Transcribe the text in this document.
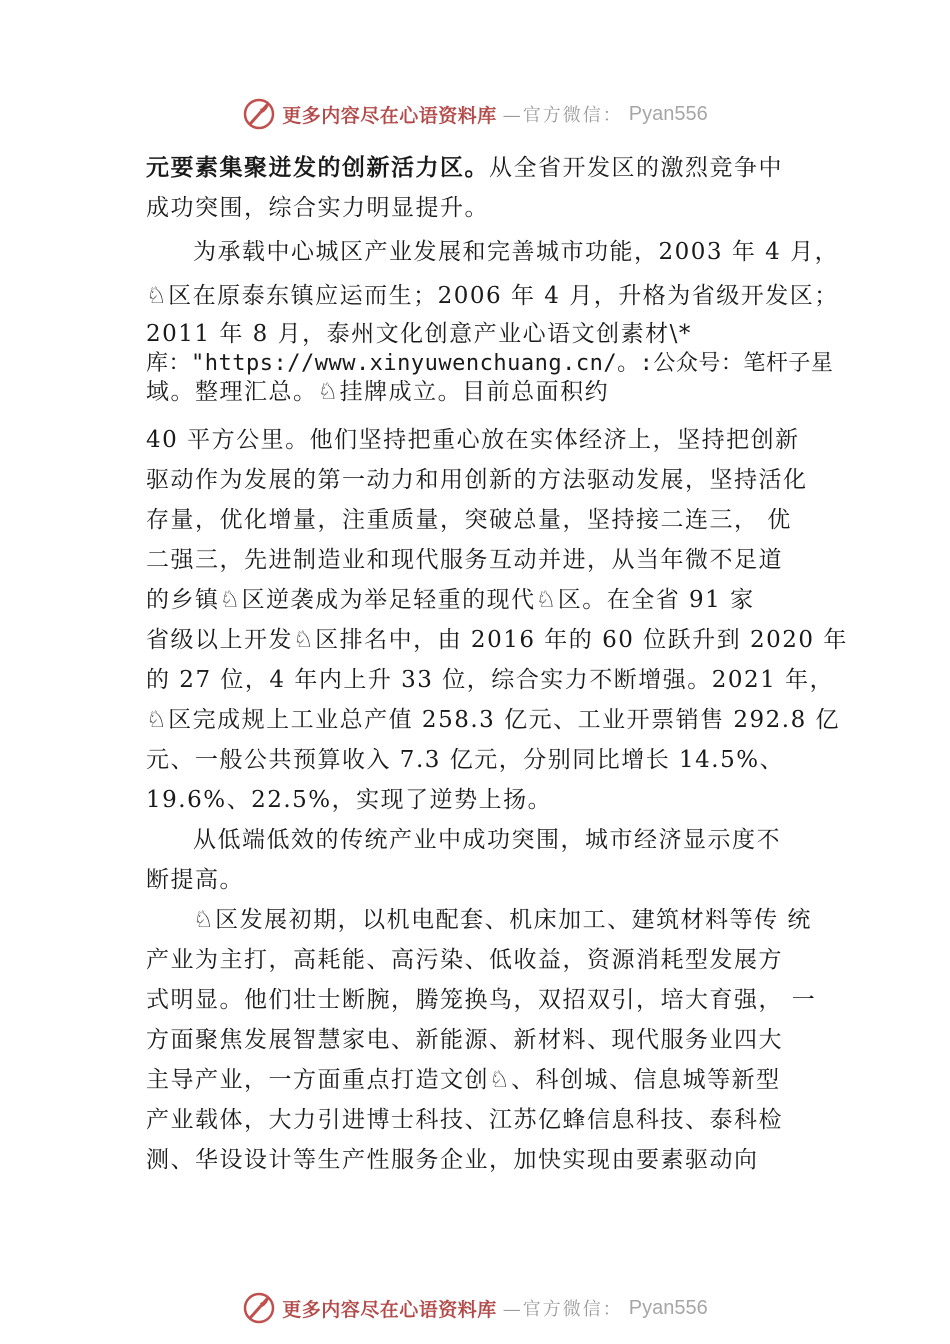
更多内容尽在心语资料库 —官方微信： Pyan556
元要素集聚迸发的创新活力区。从全省开发区的激烈竞争中
成功突围，综合实力明显提升。
为承载中心城区产业发展和完善城市功能，2003 年 4 月，
♘区在原泰东镇应运而生；2006 年 4 月，升格为省级开发区；
2011 年 8 月，泰州文化创意产业心语文创素材\*
库："https://www.xinyuwenchuang.cn/。:公众号：笔杆子星
域。整理汇总。♘挂牌成立。目前总面积约
40 平方公里。他们坚持把重心放在实体经济上，坚持把创新
驱动作为发展的第一动力和用创新的方法驱动发展，坚持活化
存量，优化增量，注重质量，突破总量，坚持接二连三， 优
二强三，先进制造业和现代服务互动并进，从当年微不足道
的乡镇♘区逆袭成为举足轻重的现代♘区。在全省 91 家
省级以上开发♘区排名中，由 2016 年的 60 位跃升到 2020 年
的 27 位，4 年内上升 33 位，综合实力不断增强。2021 年，
♘区完成规上工业总产值 258.3 亿元、工业开票销售 292.8 亿
元、一般公共预算收入 7.3 亿元，分别同比增长 14.5%、
19.6%、22.5%，实现了逆势上扬。
从低端低效的传统产业中成功突围，城市经济显示度不
断提高。
♘区发展初期，以机电配套、机床加工、建筑材料等传 统
产业为主打，高耗能、高污染、低收益，资源消耗型发展方
式明显。他们壮士断腕，腾笼换鸟，双招双引，培大育强， 一
方面聚焦发展智慧家电、新能源、新材料、现代服务业四大
主导产业，一方面重点打造文创♘、科创城、信息城等新型
产业载体，大力引进博士科技、江苏亿蜂信息科技、泰科检
测、华设设计等生产性服务企业，加快实现由要素驱动向
更多内容尽在心语资料库 —官方微信： Pyan556
